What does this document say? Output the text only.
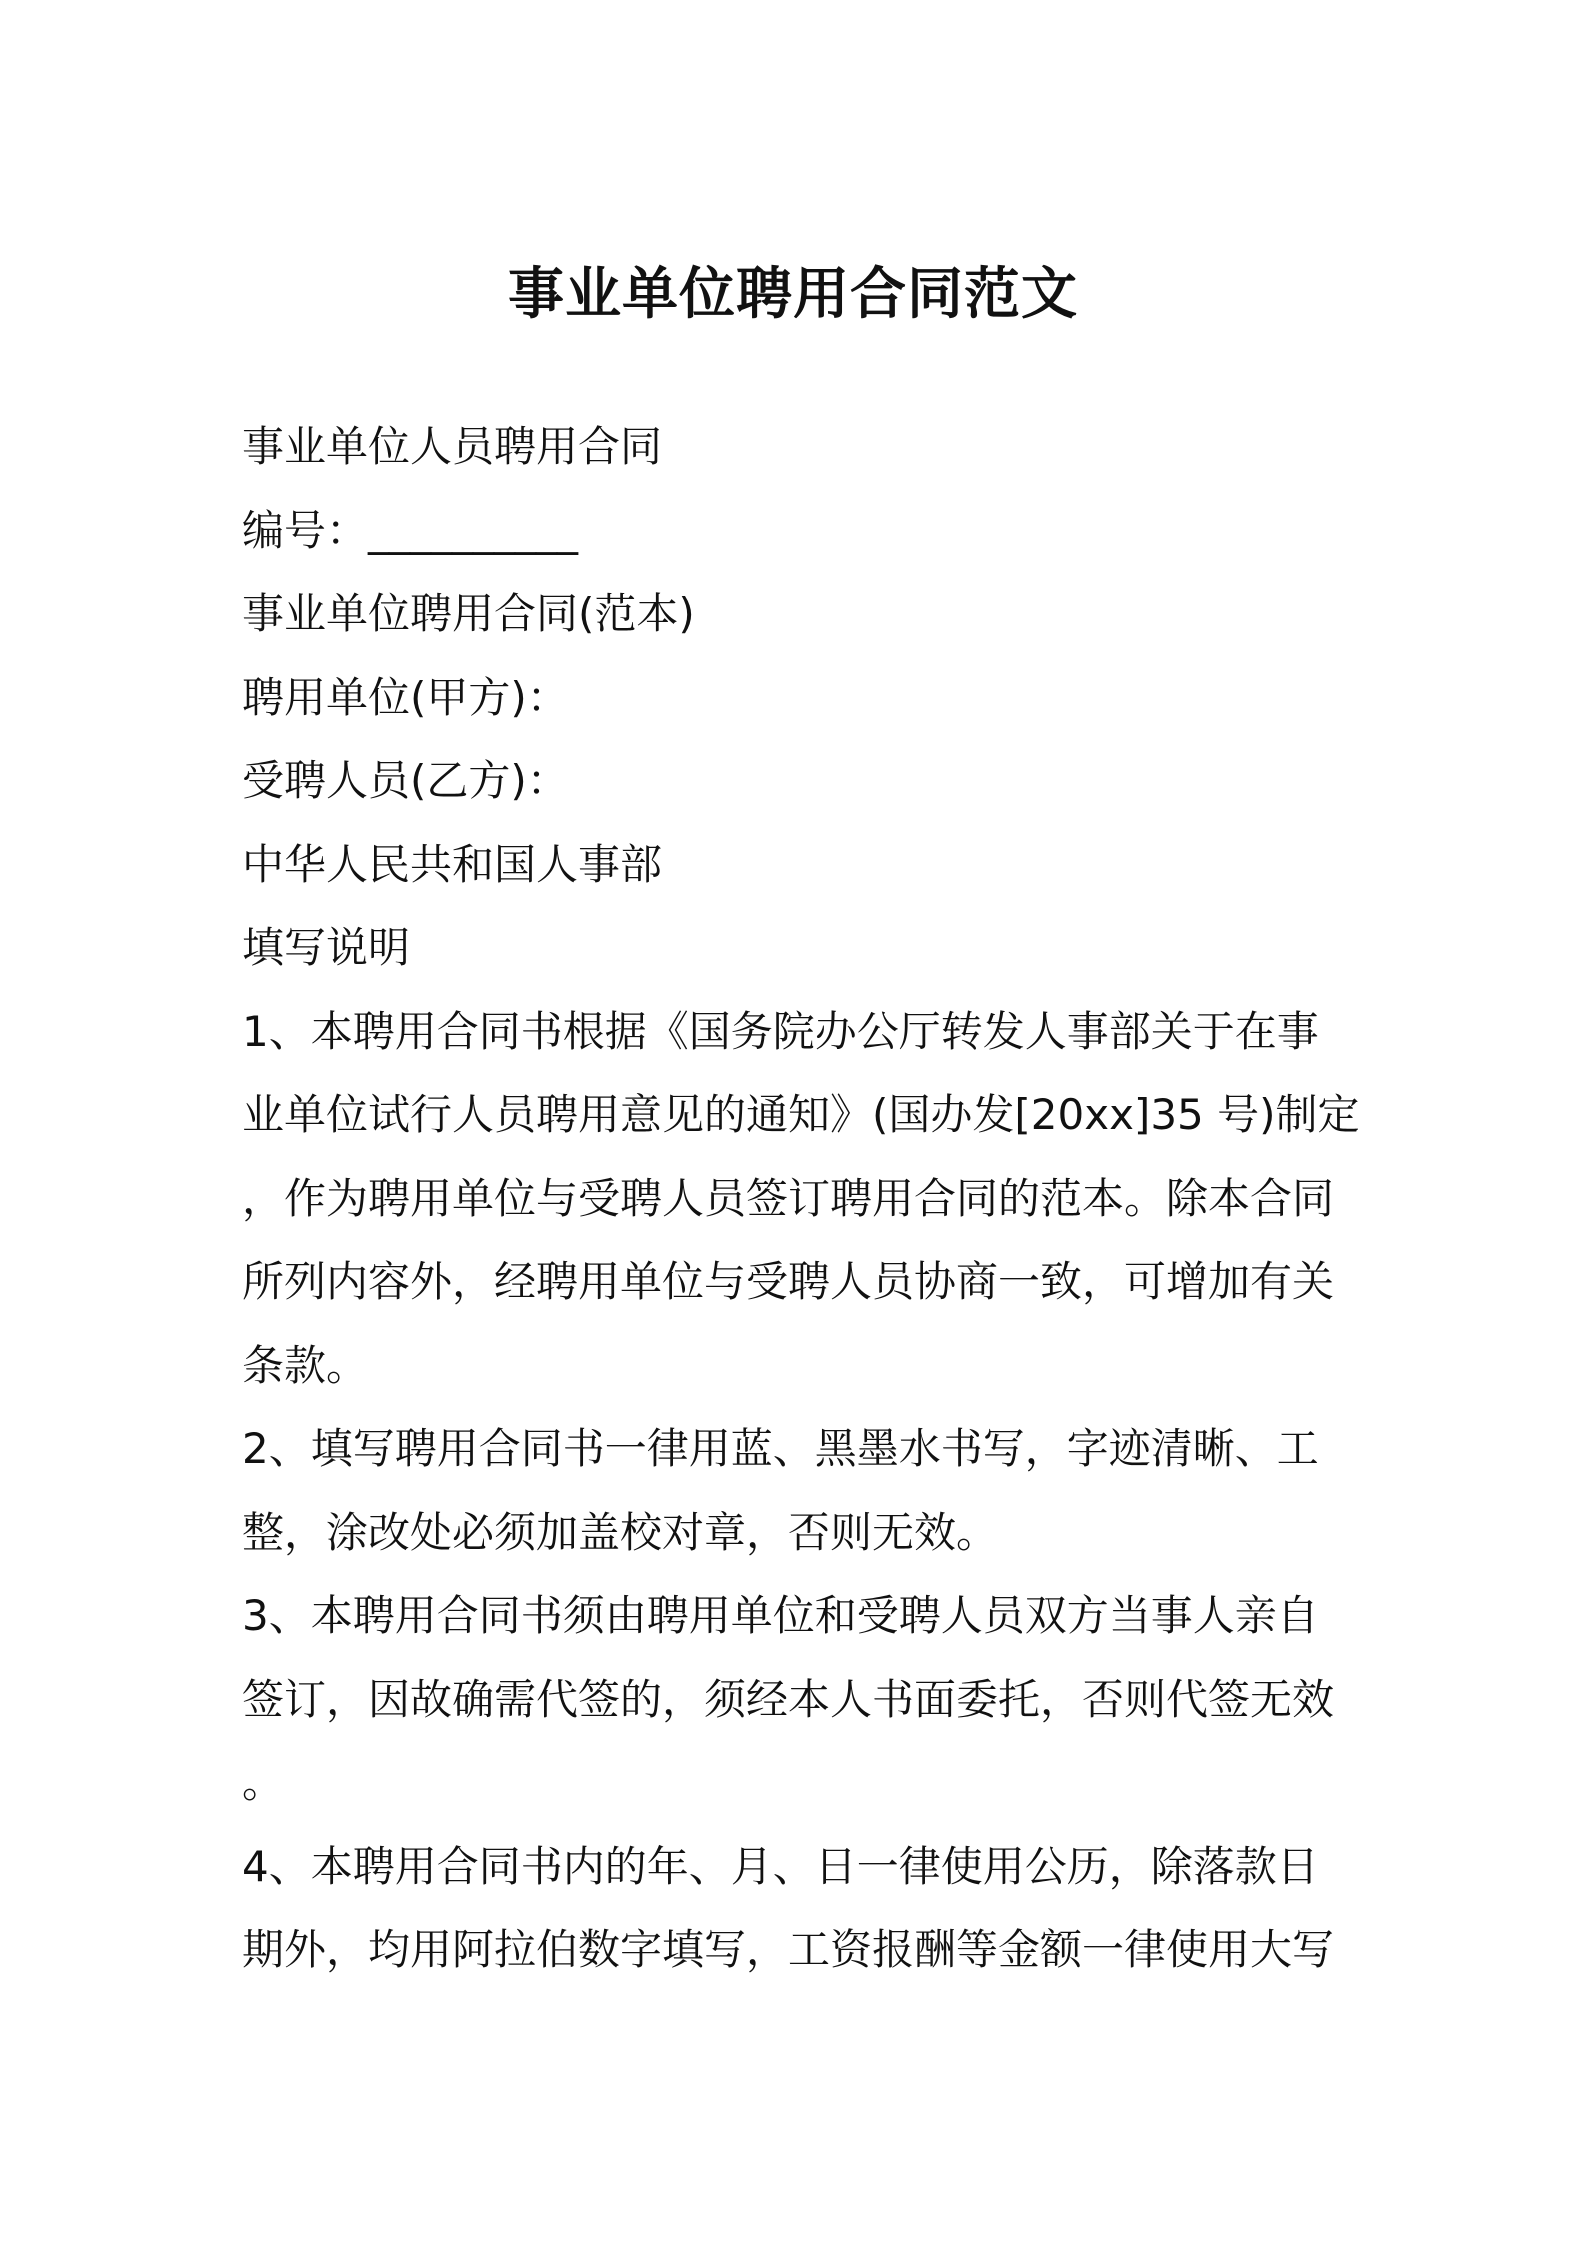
事业单位聘用合同范文
事业单位人员聘用合同
编号：__________
事业单位聘用合同(范本)
聘用单位(甲方)：
受聘人员(乙方)：
中华人民共和国人事部
填写说明
1、本聘用合同书根据《国务院办公厅转发人事部关于在事
业单位试行人员聘用意见的通知》(国办发[20xx]35 号)制定
，作为聘用单位与受聘人员签订聘用合同的范本。除本合同
所列内容外，经聘用单位与受聘人员协商一致，可增加有关
条款。
2、填写聘用合同书一律用蓝、黑墨水书写，字迹清晰、工
整，涂改处必须加盖校对章，否则无效。
3、本聘用合同书须由聘用单位和受聘人员双方当事人亲自
签订，因故确需代签的，须经本人书面委托，否则代签无效
。
4、本聘用合同书内的年、月、日一律使用公历，除落款日
期外，均用阿拉伯数字填写，工资报酬等金额一律使用大写
